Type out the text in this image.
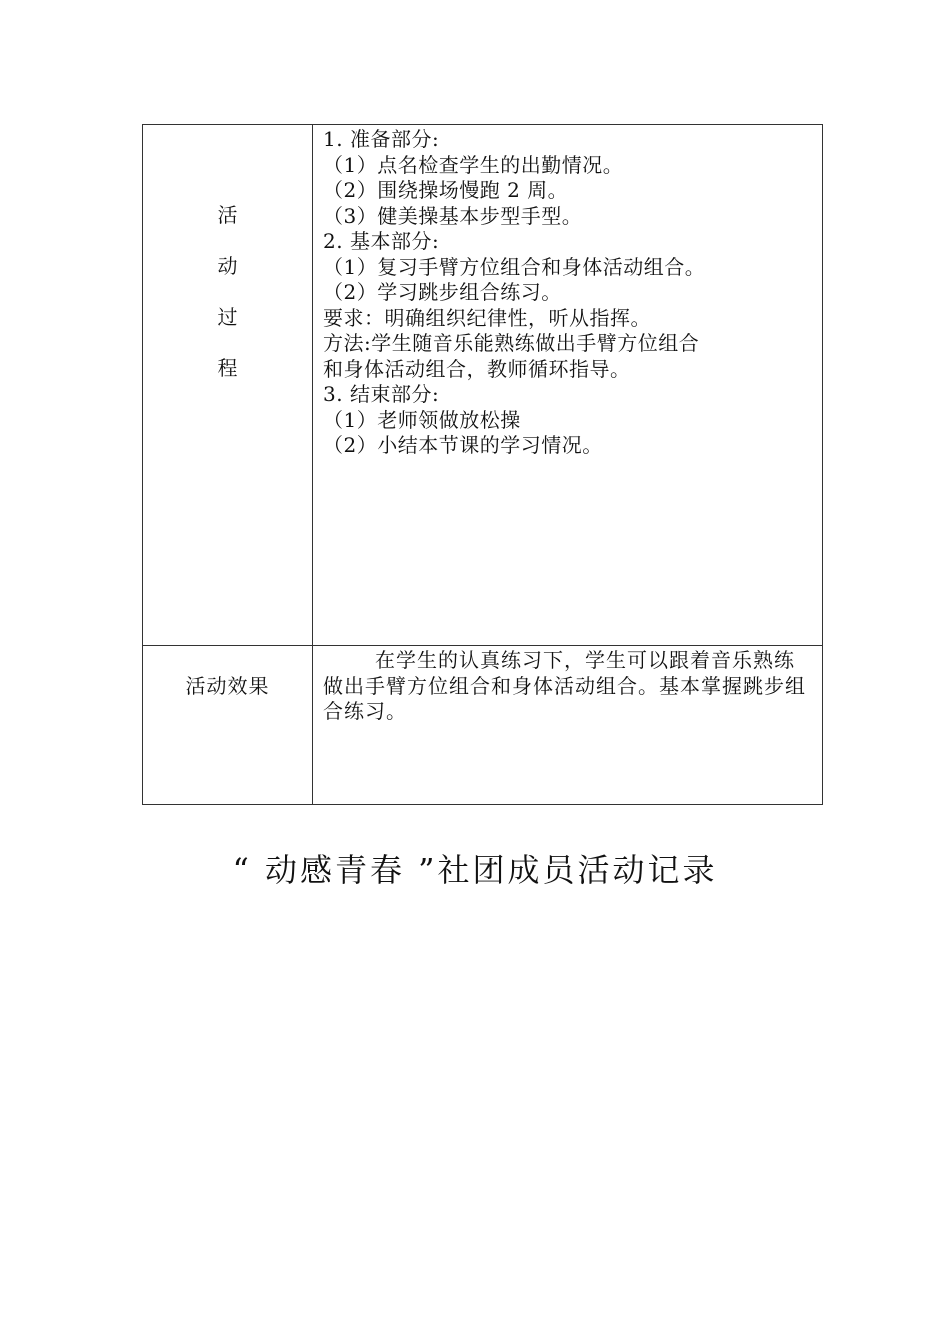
活
动
过
程
1. 准备部分:
（1）点名检查学生的出勤情况。
（2）围绕操场慢跑 2 周。
（3）健美操基本步型手型。
2. 基本部分:
（1）复习手臂方位组合和身体活动组合。
（2）学习跳步组合练习。
要求：明确组织纪律性，听从指挥。
方法:学生随音乐能熟练做出手臂方位组合
和身体活动组合，教师循环指导。
3. 结束部分:
（1）老师领做放松操
（2）小结本节课的学习情况。
活动效果
在学生的认真练习下，学生可以跟着音乐熟练做出手臂方位组合和身体活动组合。基本掌握跳步组合练习。
“ 动感青春 ”社团成员活动记录
